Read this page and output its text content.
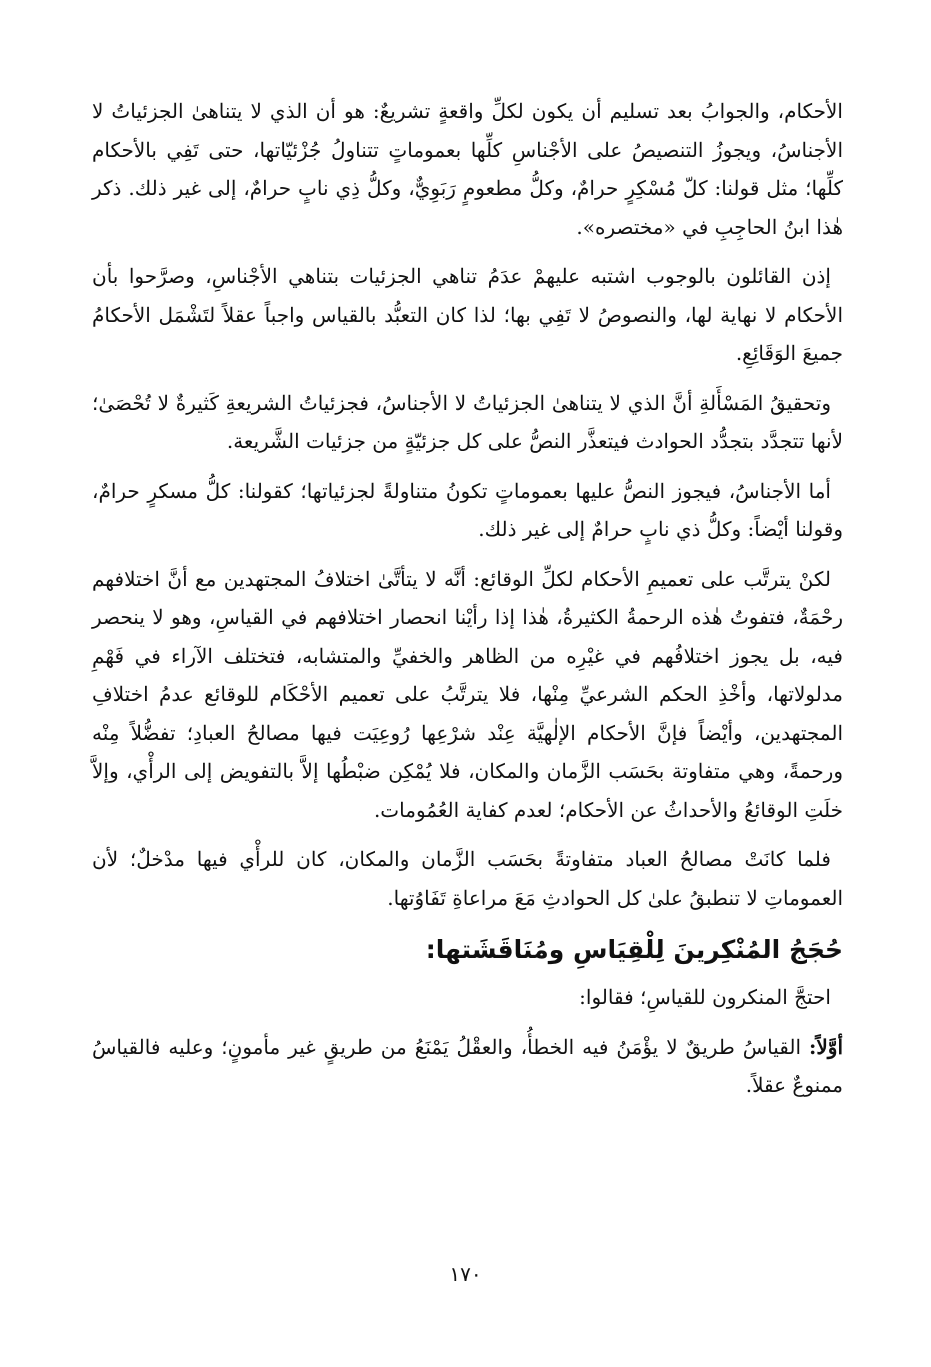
الأحكام، والجوابُ بعد تسليم أن يكون لكلِّ واقعةٍ تشريعٌ: هو أن الذي لا يتناهىٰ الجزئياتُ لا الأجناسُ، ويجوزُ التنصيصُ على الأجْناسِ كلِّها بعموماتٍ تتناولُ جُزْئيّاتها، حتى تَفِي بالأحكام كلِّها؛ مثل قولنا: كلّ مُسْكِرٍ حرامٌ، وكلُّ مطعومٍ رَبَوِيٌّ، وكلُّ ذِي نابٍ حرامٌ، إلى غير ذلك. ذكر هٰذا ابنُ الحاجِبِ في «مختصره».

إذن القائلون بالوجوب اشتبه عليهمْ عدَمُ تناهي الجزئيات بتناهي الأجْناسِ، وصرَّحوا بأن الأحكام لا نهاية لها، والنصوصُ لا تَفِي بها؛ لذا كان التعبُّد بالقياس واجباً عقلاً لتَشْمَل الأحكامُ جميعَ الوَقَائِعِ.

وتحقيقُ المَسْأَلةِ أنَّ الذي لا يتناهىٰ الجزئياتُ لا الأجناسُ، فجزئياتُ الشريعةِ كَثيرةٌ لا تُحْصَىٰ؛ لأنها تتجدَّد بتجدُّد الحوادث فيتعذَّر النصُّ على كل جزئيّةٍ من جزئيات الشَّريعة.

أما الأجناسُ، فيجوز النصُّ عليها بعموماتٍ تكونُ متناولةً لجزئياتها؛ كقولنا: كلُّ مسكرٍ حرامٌ، وقولنا أيْضاً: وكلُّ ذي نابٍ حرامٌ إلى غير ذلك.

لكنْ يترتَّب على تعميمِ الأحكام لكلِّ الوقائع: أنَّه لا يتأتَّىٰ اختلافُ المجتهدين مع أنَّ اختلافهم رحْمَةٌ، فتفوتُ هٰذه الرحمةُ الكثيرةُ، هٰذا إذا رأيْنا انحصار اختلافهم في القياسِ، وهو لا ينحصر فيه، بل يجوز اختلافُهم في غيْرِه من الظاهر والخفيِّ والمتشابه، فتختلف الآراء في فَهْمِ مدلولاتها، وأخْذِ الحكم الشرعيِّ مِنْها، فلا يترتَّبُ على تعميم الأحْكَام للوقائع عدمُ اختلافِ المجتهدين، وأيْضاً فإنَّ الأحكام الإلٰهيَّة عِنْد شرْعِها رُوعِيَت فيها مصالحُ العبادِ؛ تفضُّلاً مِنْه ورحمةً، وهي متفاوتة بحَسَب الزَّمان والمكان، فلا يُمْكِن ضبْطُها إلاَّ بالتفويض إلى الرأْي، وإلاَّ خلَتِ الوقائعُ والأحداثُ عن الأحكام؛ لعدم كفاية العُمُومات.

فلما كانَتْ مصالحُ العباد متفاوتةً بحَسَب الزَّمان والمكان، كان للرأْي فيها مدْخلٌ؛ لأن العموماتِ لا تنطبقُ علىٰ كل الحوادثِ مَعَ مراعاةِ تَفَاوُتها.

حُجَجُ المُنْكِرينَ لِلْقِيَاسِ ومُنَاقَشَتها:

احتجَّ المنكرون للقياسِ؛ فقالوا:

أوَّلاً: القياسُ طريقٌ لا يؤْمَنُ فيه الخطأُ، والعقْلُ يَمْنَعُ من طريقٍ غير مأمونٍ؛ وعليه فالقياسُ ممنوعٌ عقلاً.

١٧٠
